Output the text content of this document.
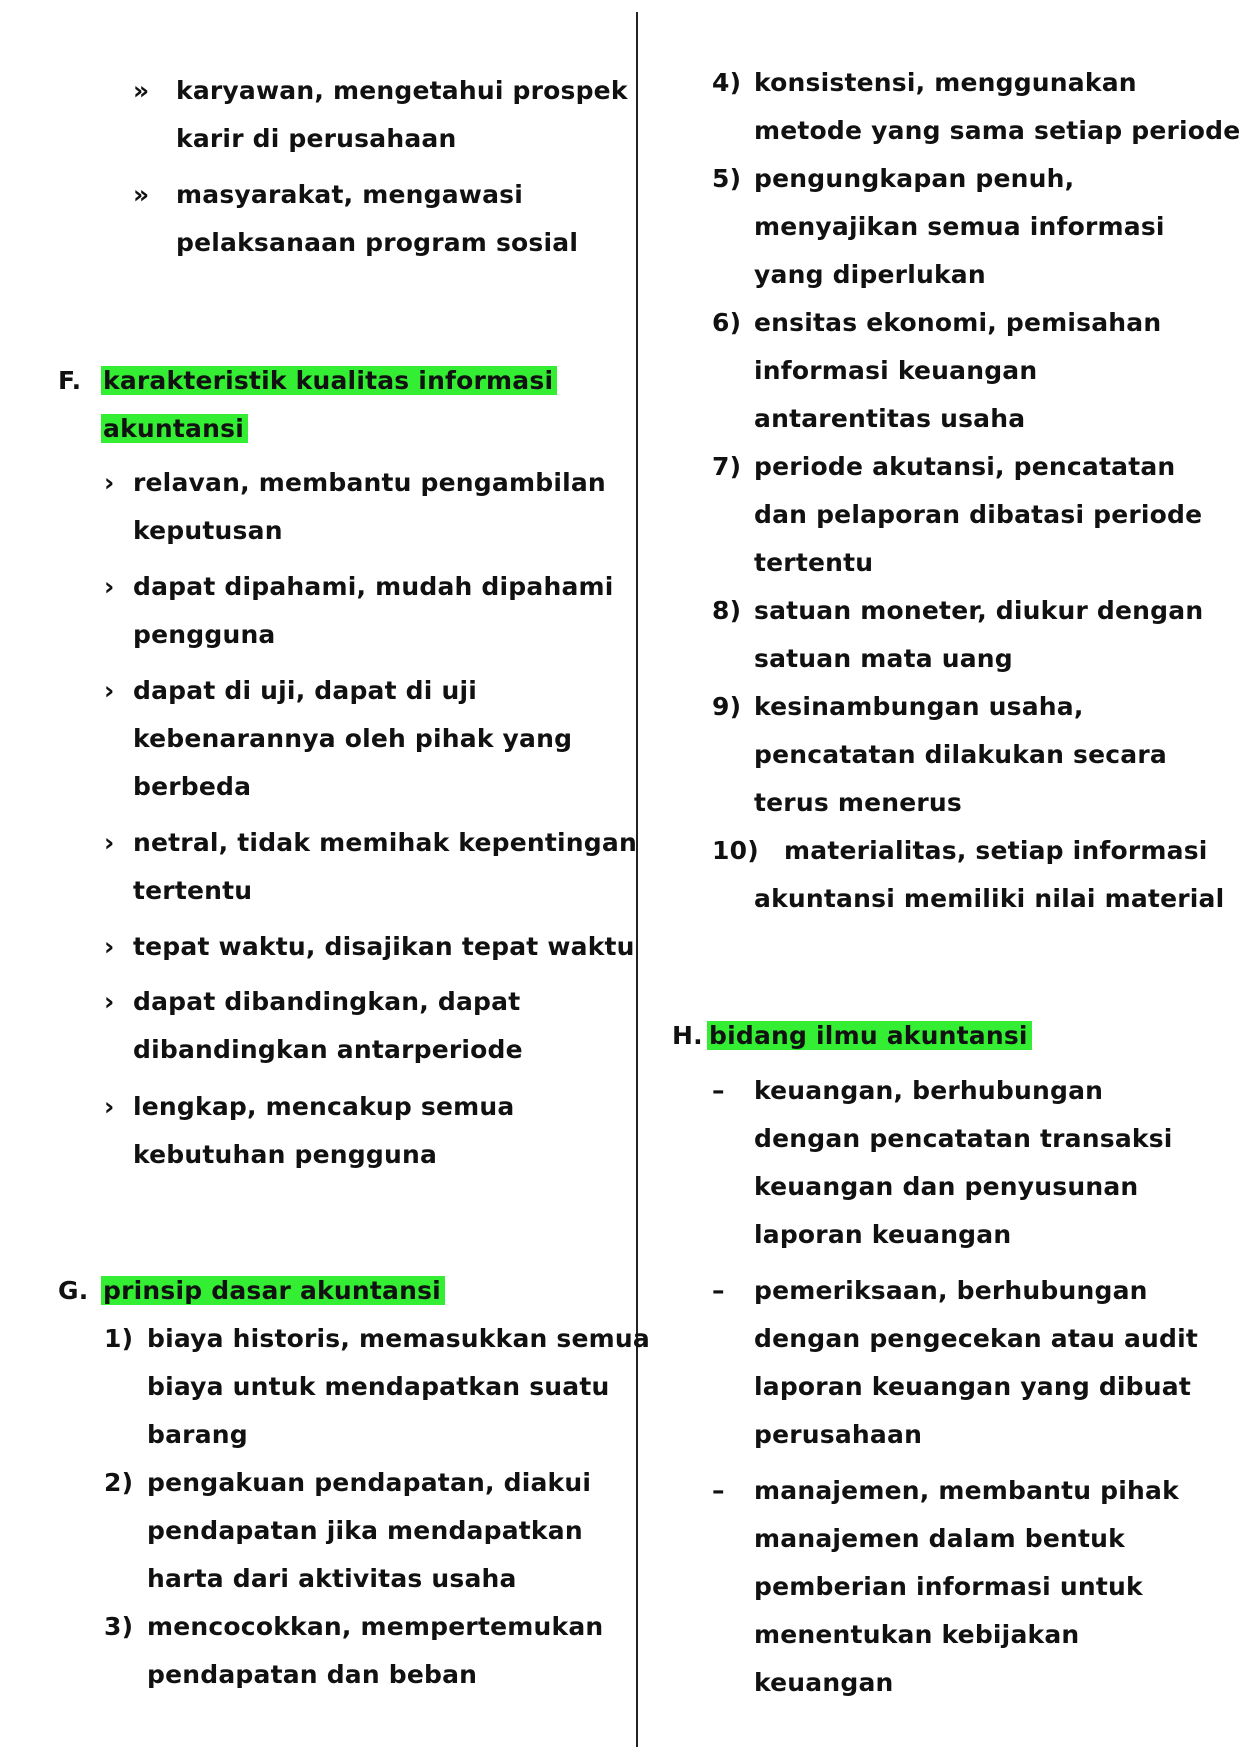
» karyawan, mengetahui prospek
karir di perusahaan
» masyarakat, mengawasi
pelaksanaan program sosial
F. karakteristik kualitas informasi
akuntansi
› relavan, membantu pengambilan
keputusan
› dapat dipahami, mudah dipahami
pengguna
› dapat di uji, dapat di uji
kebenarannya oleh pihak yang
berbeda
› netral, tidak memihak kepentingan
tertentu
› tepat waktu, disajikan tepat waktu
› dapat dibandingkan, dapat
dibandingkan antarperiode
› lengkap, mencakup semua
kebutuhan pengguna
G. prinsip dasar akuntansi
1) biaya historis, memasukkan semua
biaya untuk mendapatkan suatu
barang
2) pengakuan pendapatan, diakui
pendapatan jika mendapatkan
harta dari aktivitas usaha
3) mencocokkan, mempertemukan
pendapatan dan beban
4) konsistensi, menggunakan
metode yang sama setiap periode
5) pengungkapan penuh,
menyajikan semua informasi
yang diperlukan
6) ensitas ekonomi, pemisahan
informasi keuangan
antarentitas usaha
7) periode akutansi, pencatatan
dan pelaporan dibatasi periode
tertentu
8) satuan moneter, diukur dengan
satuan mata uang
9) kesinambungan usaha,
pencatatan dilakukan secara
terus menerus
10) materialitas, setiap informasi
akuntansi memiliki nilai material
H. bidang ilmu akuntansi
– keuangan, berhubungan
dengan pencatatan transaksi
keuangan dan penyusunan
laporan keuangan
– pemeriksaan, berhubungan
dengan pengecekan atau audit
laporan keuangan yang dibuat
perusahaan
– manajemen, membantu pihak
manajemen dalam bentuk
pemberian informasi untuk
menentukan kebijakan
keuangan
